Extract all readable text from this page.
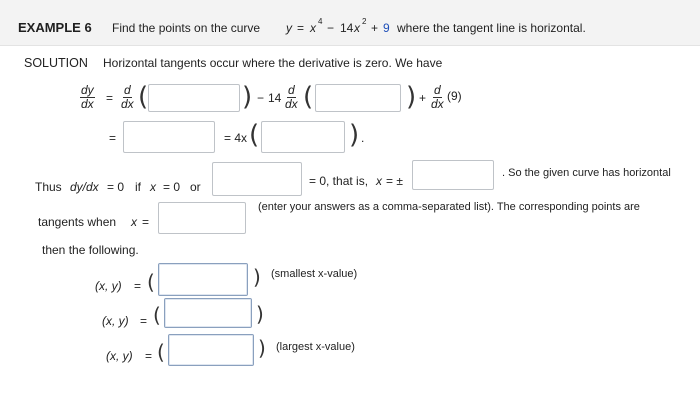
EXAMPLE 6 Find the points on the curve y = x 4 − 14 x 2 + 9 where the tangent line is horizontal.
SOLUTION Horizontal tangents occur where the derivative is zero. We have
$\frac{dy}{dx} = \frac{d}{dx}$ (	) − $14 \frac{d}{dx}$ (	) + $\frac{d}{dx} (9)$
=	= 4x (	) .
Thus dy/dx = 0 if x = 0 or	= 0, that is, x = ±
. So the given curve has horizontal
tangents when x =
(enter your answers as a comma-separated list). The corresponding points are
then the following.
(x, y) = (	) (smallest x-value)
(x, y) = (	)
(x, y) = (	) (largest x-value)
